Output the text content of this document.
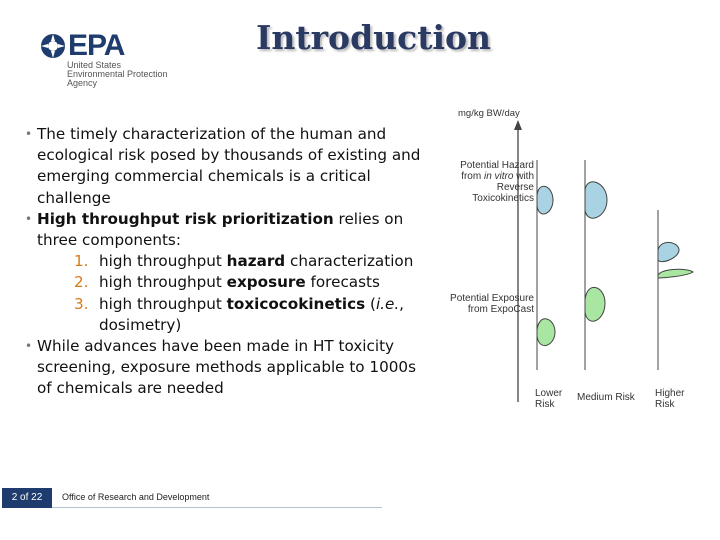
EPA
United States
Environmental Protection
Agency
Introduction
• The timely characterization of the human and ecological risk posed by thousands of existing and emerging commercial chemicals is a critical challenge
• High throughput risk prioritization relies on three components:
1. high throughput hazard characterization
2. high throughput exposure forecasts
3. high throughput toxicocokinetics (i.e.,
dosimetry)
• While advances have been made in HT toxicity screening, exposure methods applicable to 1000s of chemicals are needed
mg/kg BW/day
Potential Hazard
from in vitro with
Reverse
Toxicokinetics
Potential Exposure
from ExpoCast
Lower
Risk
Medium Risk Higher
Risk
2 of 22	Office of Research and Development
